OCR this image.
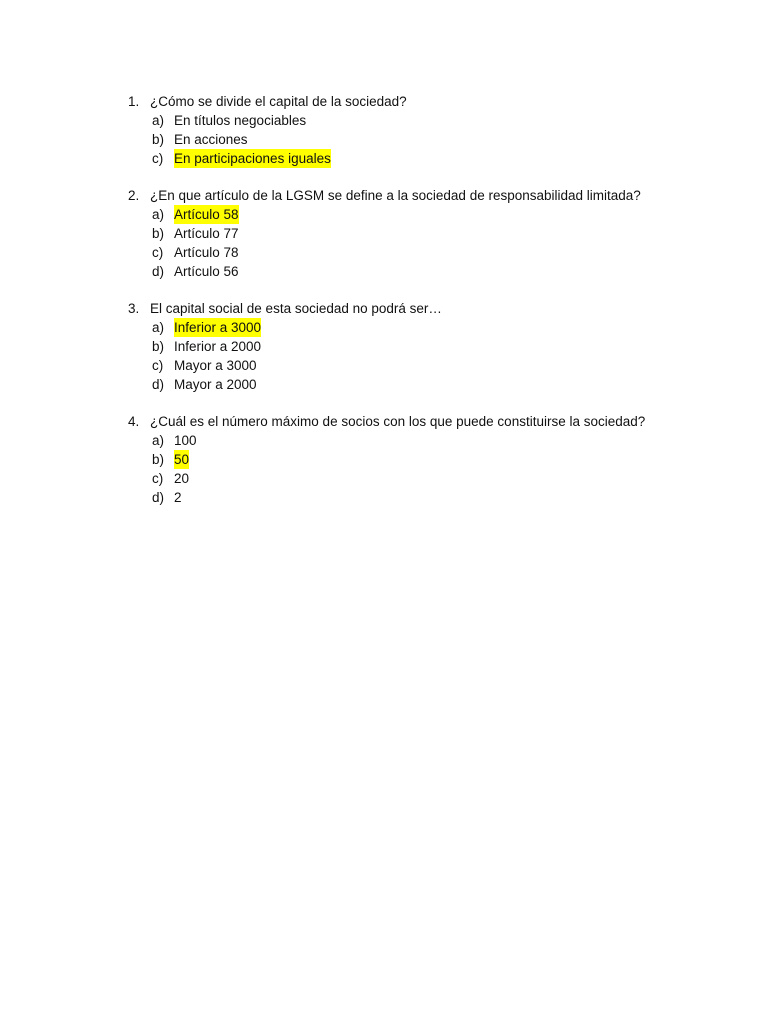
1. ¿Cómo se divide el capital de la sociedad?
a) En títulos negociables
b) En acciones
c) En participaciones iguales
2. ¿En que artículo de la LGSM se define a la sociedad de responsabilidad limitada?
a) Artículo 58
b) Artículo 77
c) Artículo 78
d) Artículo 56
3. El capital social de esta sociedad no podrá ser…
a) Inferior a 3000
b) Inferior a 2000
c) Mayor a 3000
d) Mayor a 2000
4. ¿Cuál es el número máximo de socios con los que puede constituirse la sociedad?
a) 100
b) 50
c) 20
d) 2
